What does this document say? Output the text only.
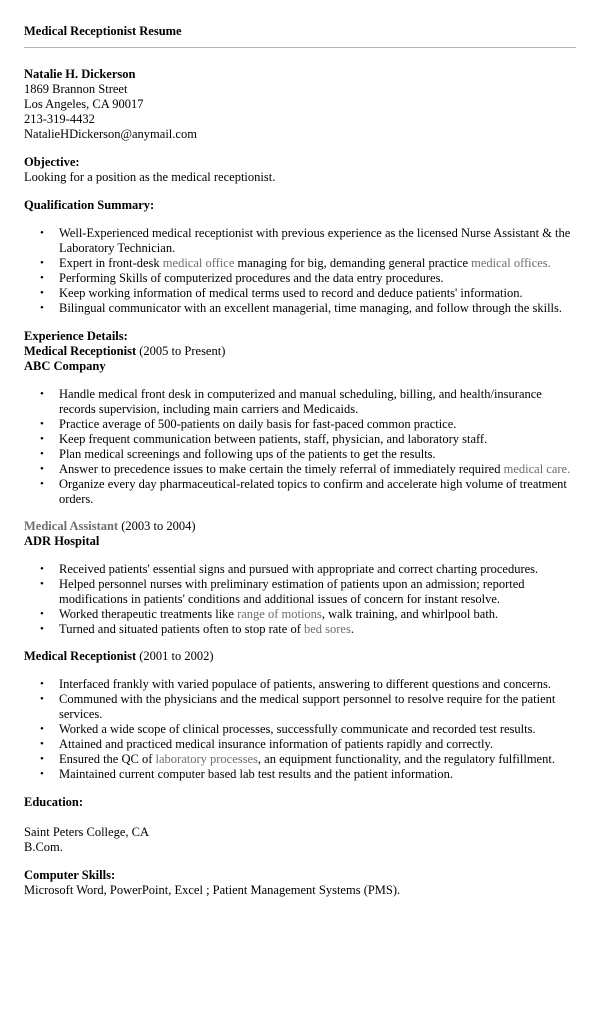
Medical Receptionist Resume
Natalie H. Dickerson
1869 Brannon Street
Los Angeles, CA 90017
213-319-4432
NatalieHDickerson@anymail.com
Objective:
Looking for a position as the medical receptionist.
Qualification Summary:
• Well-Experienced medical receptionist with previous experience as the licensed Nurse Assistant & the Laboratory Technician.
• Expert in front-desk medical office managing for big, demanding general practice medical offices.
• Performing Skills of computerized procedures and the data entry procedures.
• Keep working information of medical terms used to record and deduce patients' information.
• Bilingual communicator with an excellent managerial, time managing, and follow through the skills.
Experience Details:
Medical Receptionist (2005 to Present)
ABC Company
• Handle medical front desk in computerized and manual scheduling, billing, and health/insurance records supervision, including main carriers and Medicaids.
• Practice average of 500-patients on daily basis for fast-paced common practice.
• Keep frequent communication between patients, staff, physician, and laboratory staff.
• Plan medical screenings and following ups of the patients to get the results.
• Answer to precedence issues to make certain the timely referral of immediately required medical care.
• Organize every day pharmaceutical-related topics to confirm and accelerate high volume of treatment orders.
Medical Assistant (2003 to 2004)
ADR Hospital
• Received patients' essential signs and pursued with appropriate and correct charting procedures.
• Helped personnel nurses with preliminary estimation of patients upon an admission; reported modifications in patients' conditions and additional issues of concern for instant resolve.
• Worked therapeutic treatments like range of motions, walk training, and whirlpool bath.
• Turned and situated patients often to stop rate of bed sores.
Medical Receptionist (2001 to 2002)
• Interfaced frankly with varied populace of patients, answering to different questions and concerns.
• Communed with the physicians and the medical support personnel to resolve require for the patient services.
• Worked a wide scope of clinical processes, successfully communicate and recorded test results.
• Attained and practiced medical insurance information of patients rapidly and correctly.
• Ensured the QC of laboratory processes, an equipment functionality, and the regulatory fulfillment.
• Maintained current computer based lab test results and the patient information.
Education:
Saint Peters College, CA
B.Com.
Computer Skills:
Microsoft Word, PowerPoint, Excel ; Patient Management Systems (PMS).
